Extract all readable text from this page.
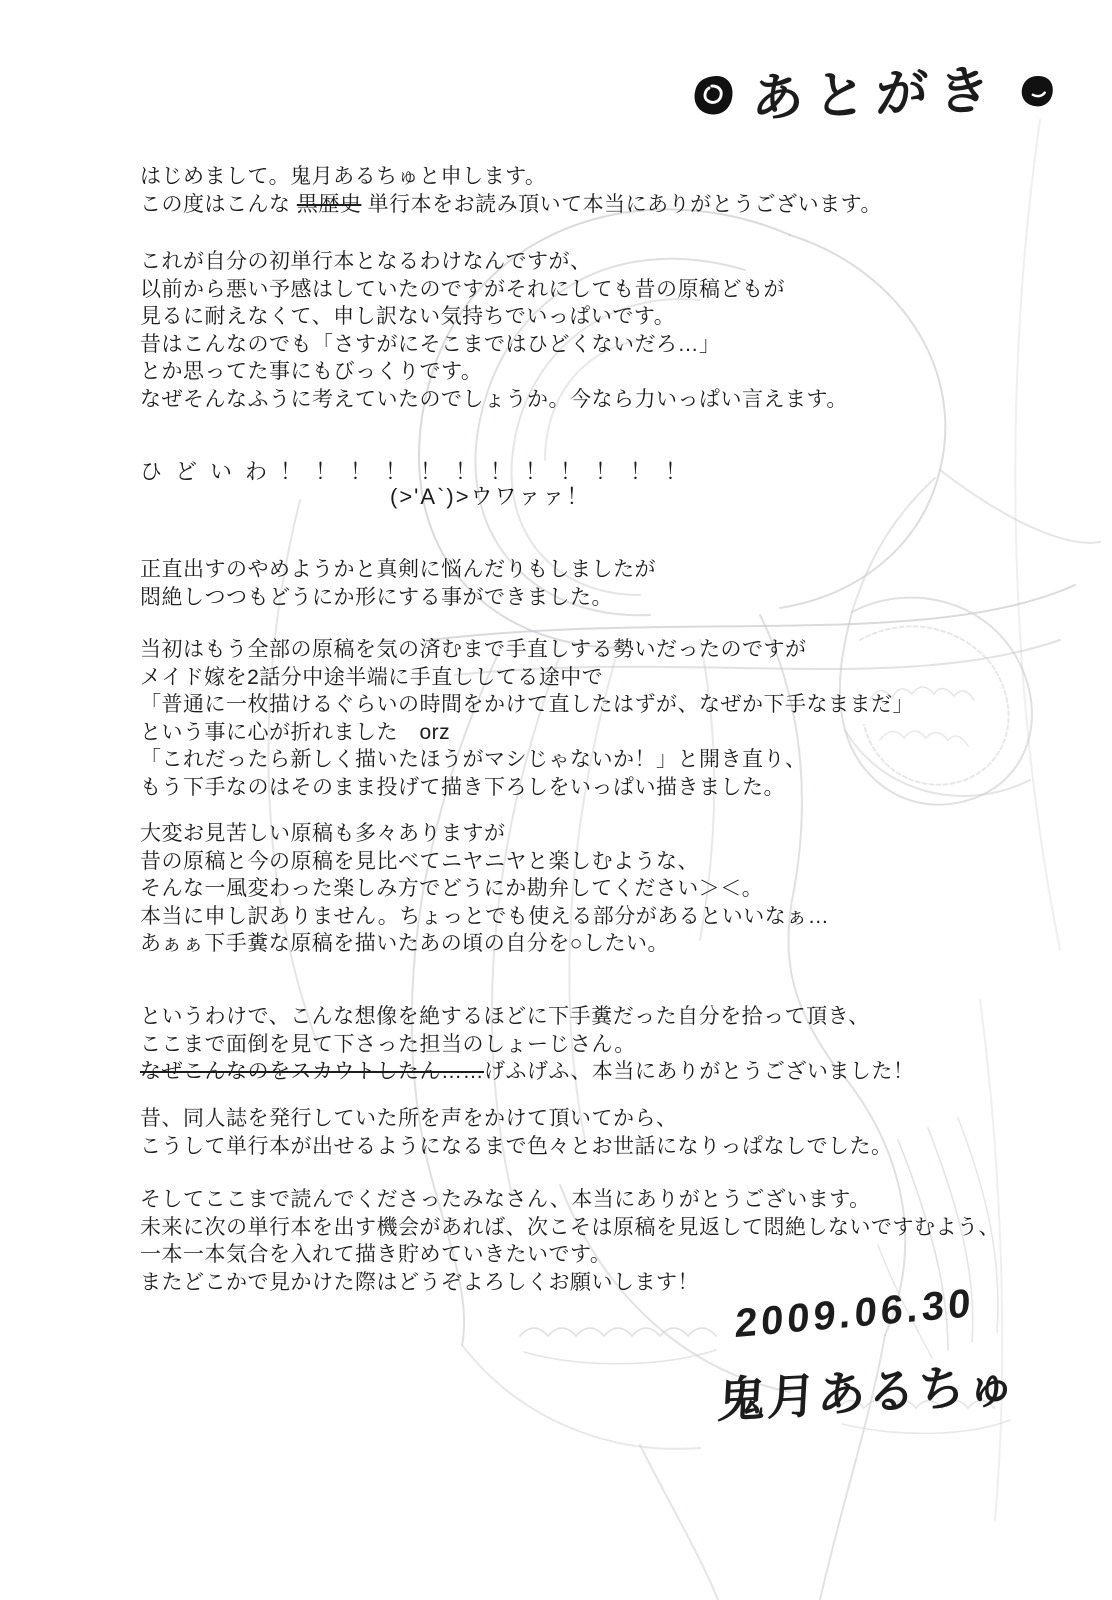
あとがき
はじめまして。鬼月あるちゅと申します。
この度はこんな 黒歴史 単行本をお読み頂いて本当にありがとうございます。
これが自分の初単行本となるわけなんですが、
以前から悪い予感はしていたのですがそれにしても昔の原稿どもが
見るに耐えなくて、申し訳ない気持ちでいっぱいです。
昔はこんなのでも「さすがにそこまではひどくないだろ…」
とか思ってた事にもびっくりです。
なぜそんなふうに考えていたのでしょうか。今なら力いっぱい言えます。
ひどいわ！！！！！！！！！！！！
(>'A`)>ウワァァ！
正直出すのやめようかと真剣に悩んだりもしましたが
悶絶しつつもどうにか形にする事ができました。
当初はもう全部の原稿を気の済むまで手直しする勢いだったのですが
メイド嫁を2話分中途半端に手直ししてる途中で
「普通に一枚描けるぐらいの時間をかけて直したはずが、なぜか下手なままだ」
という事に心が折れました　orz
「これだったら新しく描いたほうがマシじゃないか！」と開き直り、
もう下手なのはそのまま投げて描き下ろしをいっぱい描きました。
大変お見苦しい原稿も多々ありますが
昔の原稿と今の原稿を見比べてニヤニヤと楽しむような、
そんな一風変わった楽しみ方でどうにか勘弁してください＞＜。
本当に申し訳ありません。ちょっとでも使える部分があるといいなぁ…
あぁぁ下手糞な原稿を描いたあの頃の自分を○したい。
というわけで、こんな想像を絶するほどに下手糞だった自分を拾って頂き、
ここまで面倒を見て下さった担当のしょーじさん。
なぜこんなのをスカウトしたん……げふげふ、本当にありがとうございました！
昔、同人誌を発行していた所を声をかけて頂いてから、
こうして単行本が出せるようになるまで色々とお世話になりっぱなしでした。
そしてここまで読んでくださったみなさん、本当にありがとうございます。
未来に次の単行本を出す機会があれば、次こそは原稿を見返して悶絶しないですむよう、
一本一本気合を入れて描き貯めていきたいです。
またどこかで見かけた際はどうぞよろしくお願いします！ 2009.06.30
鬼月あるちゅ
